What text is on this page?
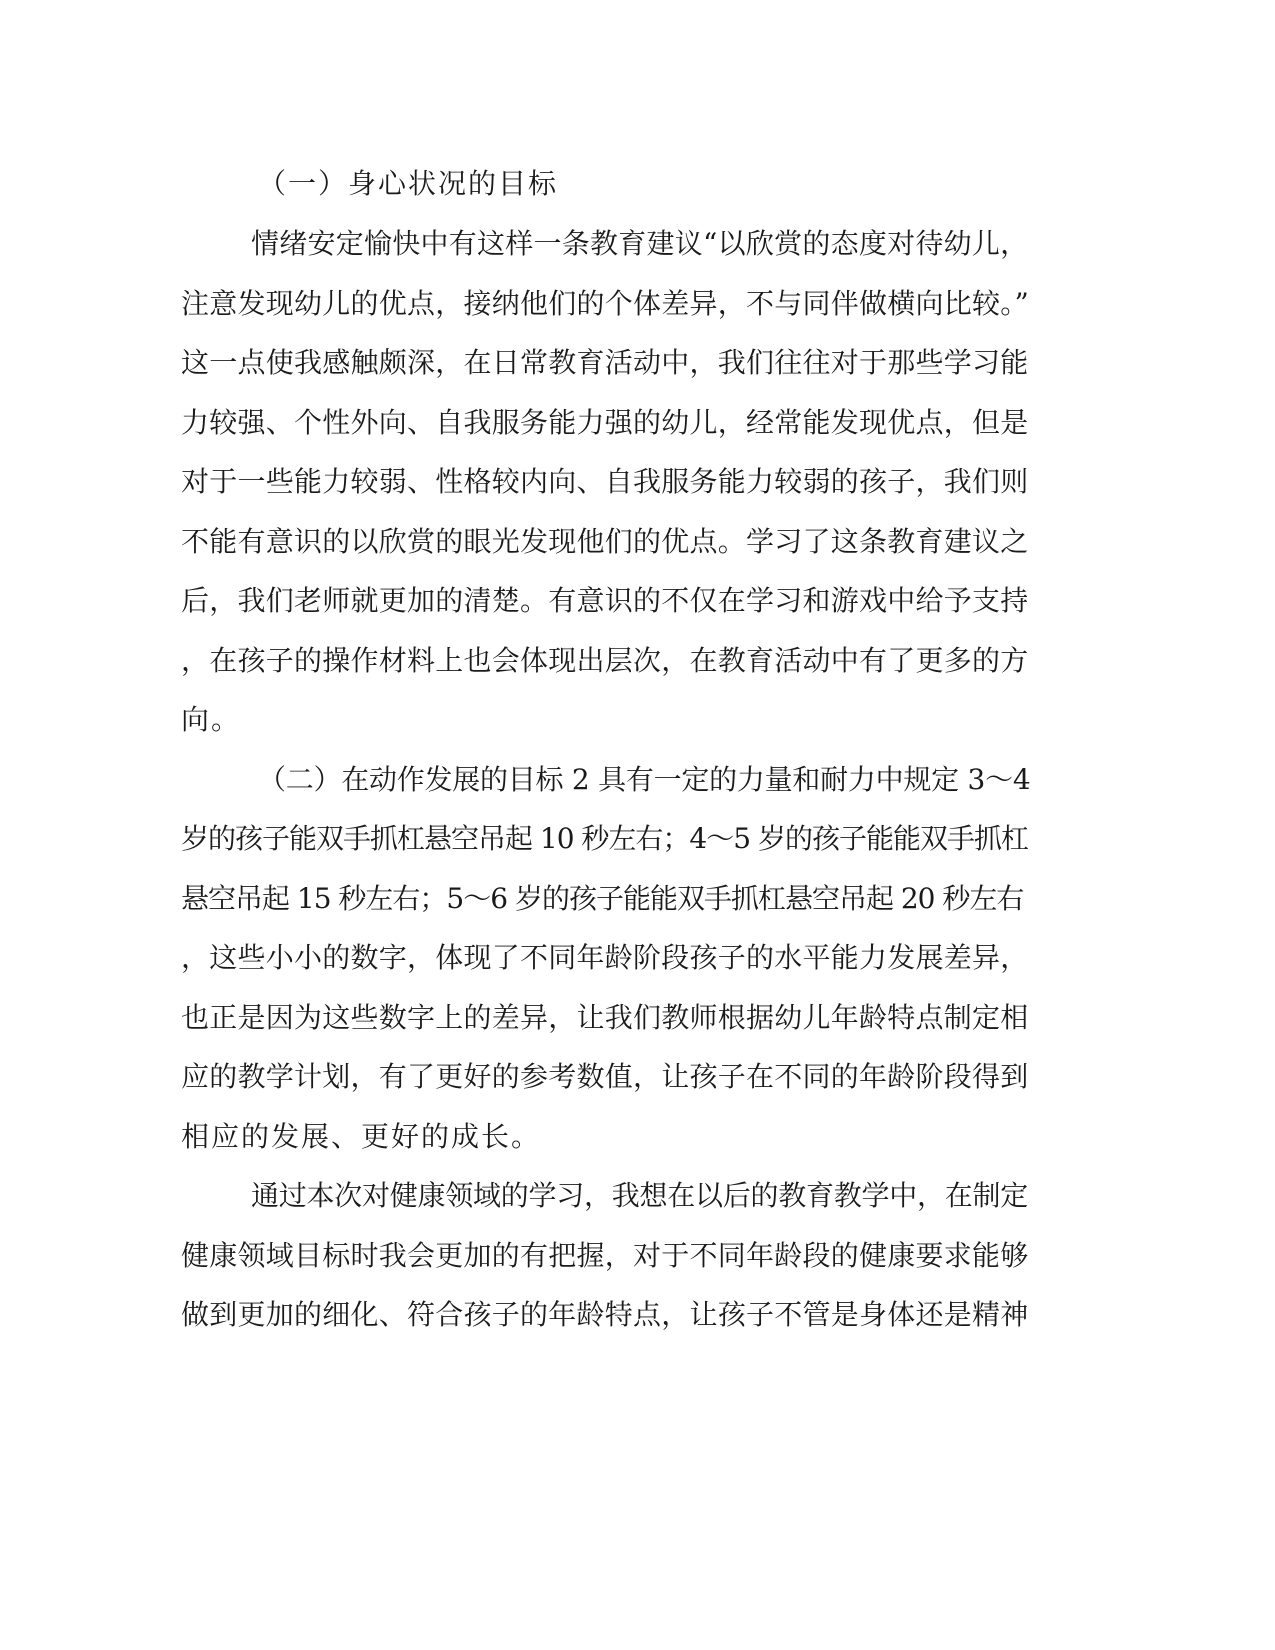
（一）身心状况的目标

情绪安定愉快中有这样一条教育建议“以欣赏的态度对待幼儿，

注意发现幼儿的优点，接纳他们的个体差异，不与同伴做横向比较。”

这一点使我感触颇深，在日常教育活动中，我们往往对于那些学习能

力较强、个性外向、自我服务能力强的幼儿，经常能发现优点，但是

对于一些能力较弱、性格较内向、自我服务能力较弱的孩子，我们则

不能有意识的以欣赏的眼光发现他们的优点。学习了这条教育建议之

后，我们老师就更加的清楚。有意识的不仅在学习和游戏中给予支持

，在孩子的操作材料上也会体现出层次，在教育活动中有了更多的方

向。

（二）在动作发展的目标 2 具有一定的力量和耐力中规定 3～4

岁的孩子能双手抓杠悬空吊起 10 秒左右；4～5 岁的孩子能能双手抓杠

悬空吊起 15 秒左右；5～6 岁的孩子能能双手抓杠悬空吊起 20 秒左右

，这些小小的数字，体现了不同年龄阶段孩子的水平能力发展差异，

也正是因为这些数字上的差异，让我们教师根据幼儿年龄特点制定相

应的教学计划，有了更好的参考数值，让孩子在不同的年龄阶段得到

相应的发展、更好的成长。

通过本次对健康领域的学习，我想在以后的教育教学中，在制定

健康领域目标时我会更加的有把握，对于不同年龄段的健康要求能够

做到更加的细化、符合孩子的年龄特点，让孩子不管是身体还是精神
